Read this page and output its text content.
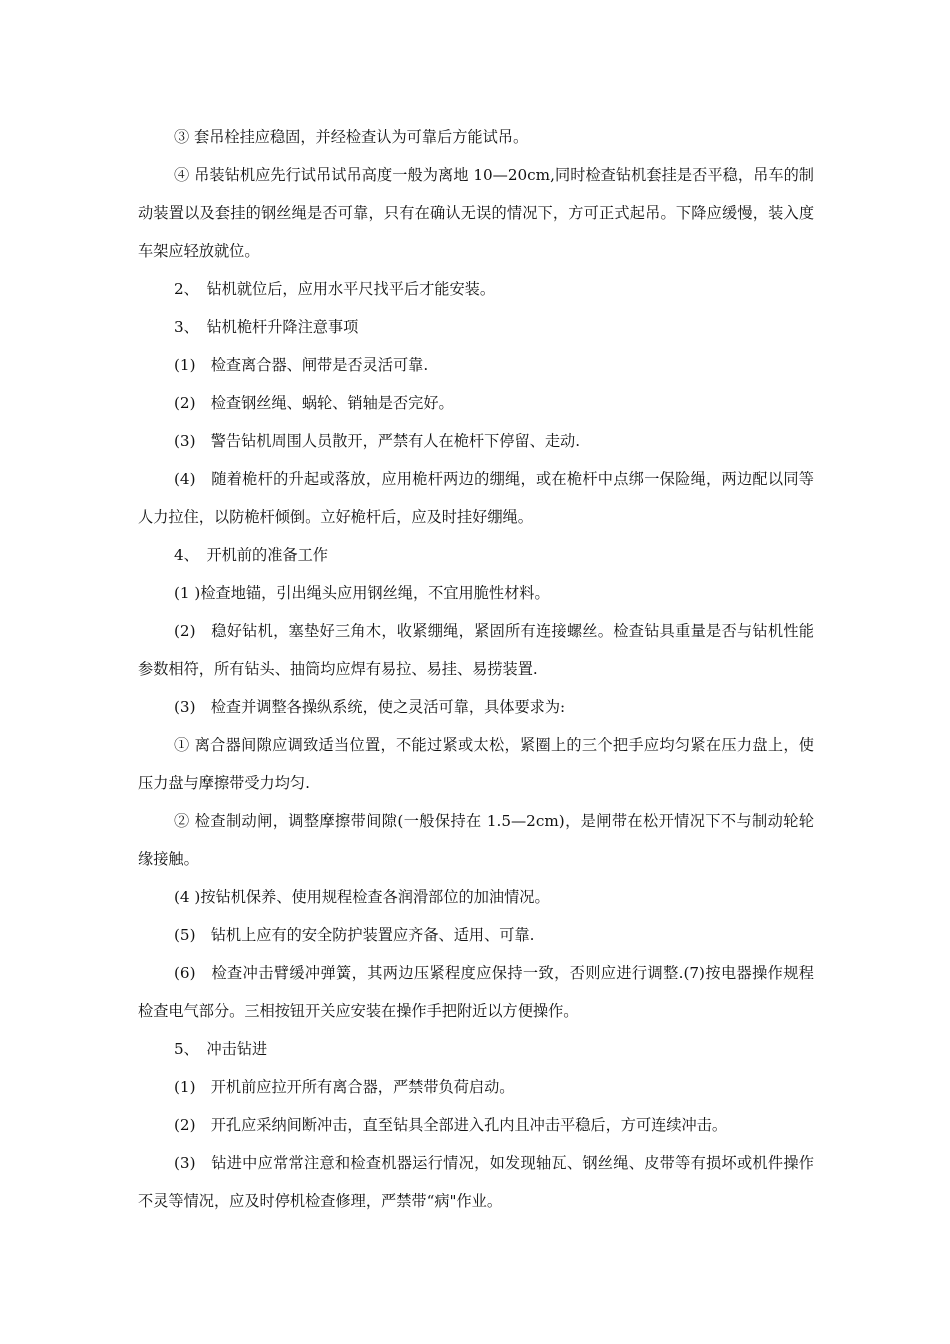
③ 套吊栓挂应稳固，并经检查认为可靠后方能试吊。

④ 吊装钻机应先行试吊试吊高度一般为离地 10—20cm,同时检查钻机套挂是否平稳，吊车的制动装置以及套挂的钢丝绳是否可靠，只有在确认无误的情况下，方可正式起吊。下降应缓慢，装入度车架应轻放就位。

2、　钻机就位后，应用水平尺找平后才能安装。

3、　钻机桅杆升降注意事项

(1)　检查离合器、闸带是否灵活可靠.

(2)　检查钢丝绳、蜗轮、销轴是否完好。

(3)　警告钻机周围人员散开，严禁有人在桅杆下停留、走动.

(4)　随着桅杆的升起或落放，应用桅杆两边的绷绳，或在桅杆中点绑一保险绳，两边配以同等人力拉住，以防桅杆倾倒。立好桅杆后，应及时挂好绷绳。

4、　开机前的准备工作

(1 )检查地锚，引出绳头应用钢丝绳，不宜用脆性材料。

(2)　稳好钻机，塞垫好三角木，收紧绷绳，紧固所有连接螺丝。检查钻具重量是否与钻机性能参数相符，所有钻头、抽筒均应焊有易拉、易挂、易捞装置.

(3)　检查并调整各操纵系统，使之灵活可靠，具体要求为:

① 离合器间隙应调致适当位置，不能过紧或太松，紧圈上的三个把手应均匀紧在压力盘上，使压力盘与摩擦带受力均匀.

② 检查制动闸，调整摩擦带间隙(一般保持在 1.5—2cm)，是闸带在松开情况下不与制动轮轮缘接触。

(4 )按钻机保养、使用规程检查各润滑部位的加油情况。

(5)　钻机上应有的安全防护装置应齐备、适用、可靠.

(6)　检查冲击臂缓冲弹簧，其两边压紧程度应保持一致，否则应进行调整.(7)按电器操作规程检查电气部分。三相按钮开关应安装在操作手把附近以方便操作。

5、　冲击钻进

(1)　开机前应拉开所有离合器，严禁带负荷启动。

(2)　开孔应采纳间断冲击，直至钻具全部进入孔内且冲击平稳后，方可连续冲击。

(3)　钻进中应常常注意和检查机器运行情况，如发现轴瓦、钢丝绳、皮带等有损坏或机件操作不灵等情况，应及时停机检查修理，严禁带“病"作业。
